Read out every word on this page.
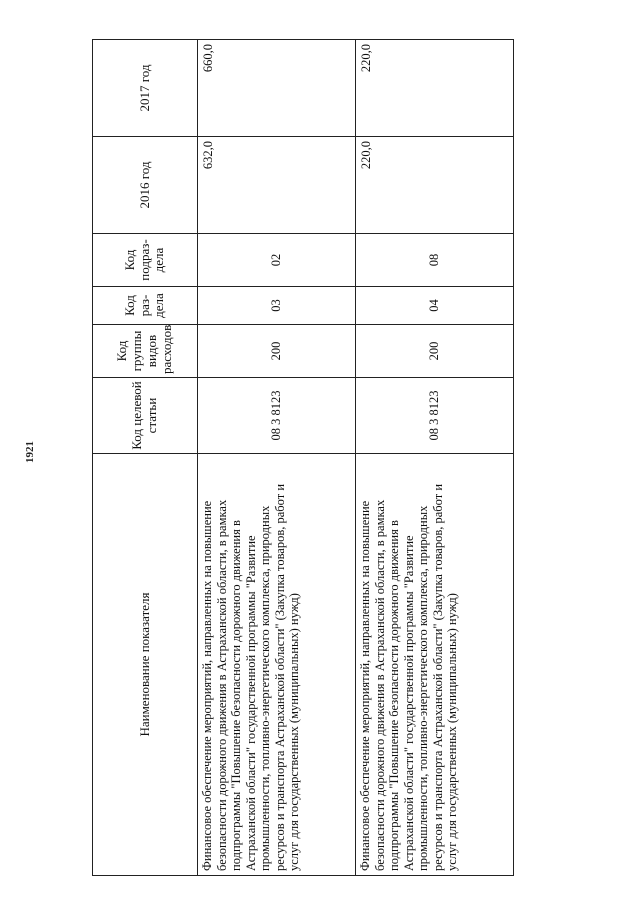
1921
Наименование показателя	Код целевой статьи	Код группы видов расходов	Код раз- дела	Код подраз- дела	2016 год	2017 год
Финансовое обеспечение мероприятий, направленных на повышение безопасности дорожного движения в Астраханской области, в рамках подпрограммы "Повышение безопасности дорожного движения в Астраханской области" государственной программы "Развитие промышленности, топливно-энергетического комплекса, природных ресурсов и транспорта Астраханской области" (Закупка товаров, работ и услуг для государственных (муниципальных) нужд)	08 3 8123	200	03	02	632,0	660,0
Финансовое обеспечение мероприятий, направленных на повышение безопасности дорожного движения в Астраханской области, в рамках подпрограммы "Повышение безопасности дорожного движения в Астраханской области" государственной программы "Развитие промышленности, топливно-энергетического комплекса, природных ресурсов и транспорта Астраханской области" (Закупка товаров, работ и услуг для государственных (муниципальных) нужд)	08 3 8123	200	04	08	220,0	220,0
